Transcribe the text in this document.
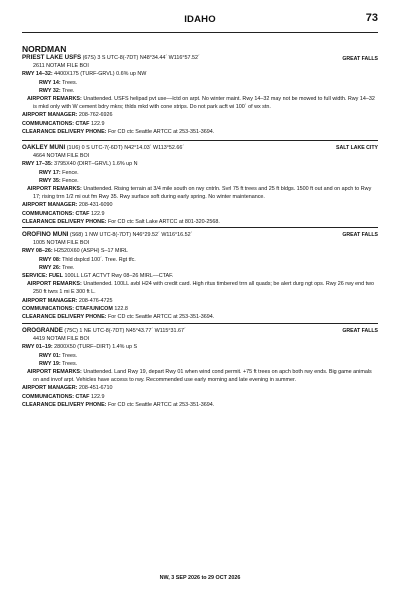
IDAHO	73
NORDMAN
PRIEST LAKE USFS (67S) 3 S UTC-8(-7DT) N48°34.44´ W116°57.52´	GREAT FALLS
2611 NOTAM FILE BOI
RWY 14–32: 4400X175 (TURF-GRVL) 0.6% up NW
RWY 14: Trees.
RWY 32: Tree.
AIRPORT REMARKS: Unattended. USFS helipad pvt use––lctd on arpt. No winter maint. Rwy 14–32 may not be mowed to full width. Rwy 14–32 is mkd only with W cement bdry mkrs; thlds mkd with cone strips. Do not park acft wi 100´ of wx stn.
AIRPORT MANAGER: 208-762-6926
COMMUNICATIONS: CTAF 122.9
CLEARANCE DELIVERY PHONE: For CD ctc Seattle ARTCC at 253-351-3694.
OAKLEY MUNI (1U6) 0 S UTC-7(-6DT) N42°14.03´ W113°52.66´	SALT LAKE CITY
4664 NOTAM FILE BOI
RWY 17–35: 3795X40 (DIRT–GRVL) 1.6% up N
RWY 17: Fence.
RWY 35: Fence.
AIRPORT REMARKS: Unattended. Rising terrain at 3/4 mile south on rwy cntrln. Svrl 75 ft trees and 25 ft bldgs. 1500 ft out and on apch to Rwy 17; rising trrn 1/2 mi out fm Rwy 35. Rwy surface soft during early spring. No winter maintenance.
AIRPORT MANAGER: 208-431-6090
COMMUNICATIONS: CTAF 122.9
CLEARANCE DELIVERY PHONE: For CD ctc Salt Lake ARTCC at 801-320-2568.
OROFINO MUNI (S68) 1 NW UTC-8(-7DT) N46°29.52´ W116°16.52´	GREAT FALLS
1005 NOTAM FILE BOI
RWY 08–26: H2520X60 (ASPH) S–17 MIRL
RWY 08: Thld dsplcd 100´. Tree. Rgt tfc.
RWY 26: Tree.
SERVICE: FUEL 100LL LGT ACTVT Rwy 08–26 MIRL––CTAF.
AIRPORT REMARKS: Unattended. 100LL avbl H24 with credit card. High ritus timbered trrn all quads; be alert durg ngt ops. Rwy 26 rwy end two 250 ft twrs 1 mi E 300 ft L.
AIRPORT MANAGER: 208-476-4725
COMMUNICATIONS: CTAF/UNICOM 122.8
CLEARANCE DELIVERY PHONE: For CD ctc Seattle ARTCC at 253-351-3694.
OROGRANDE (75C) 1 NE UTC-8(-7DT) N45°43.77´ W115°31.67´	GREAT FALLS
4419 NOTAM FILE BOI
RWY 01–19: 2800X50 (TURF–DIRT) 1.4% up S
RWY 01: Trees.
RWY 19: Trees.
AIRPORT REMARKS: Unattended. Land Rwy 19, depart Rwy 01 when wind cond permit. +75 ft trees on apch both rwy ends. Big game animals on and invof arpt. Vehicles have access to rwy. Recommended use early morning and late evening in summer.
AIRPORT MANAGER: 208-451-6710
COMMUNICATIONS: CTAF 122.9
CLEARANCE DELIVERY PHONE: For CD ctc Seattle ARTCC at 253-351-3694.
NW, 3 SEP 2026 to 29 OCT 2026
